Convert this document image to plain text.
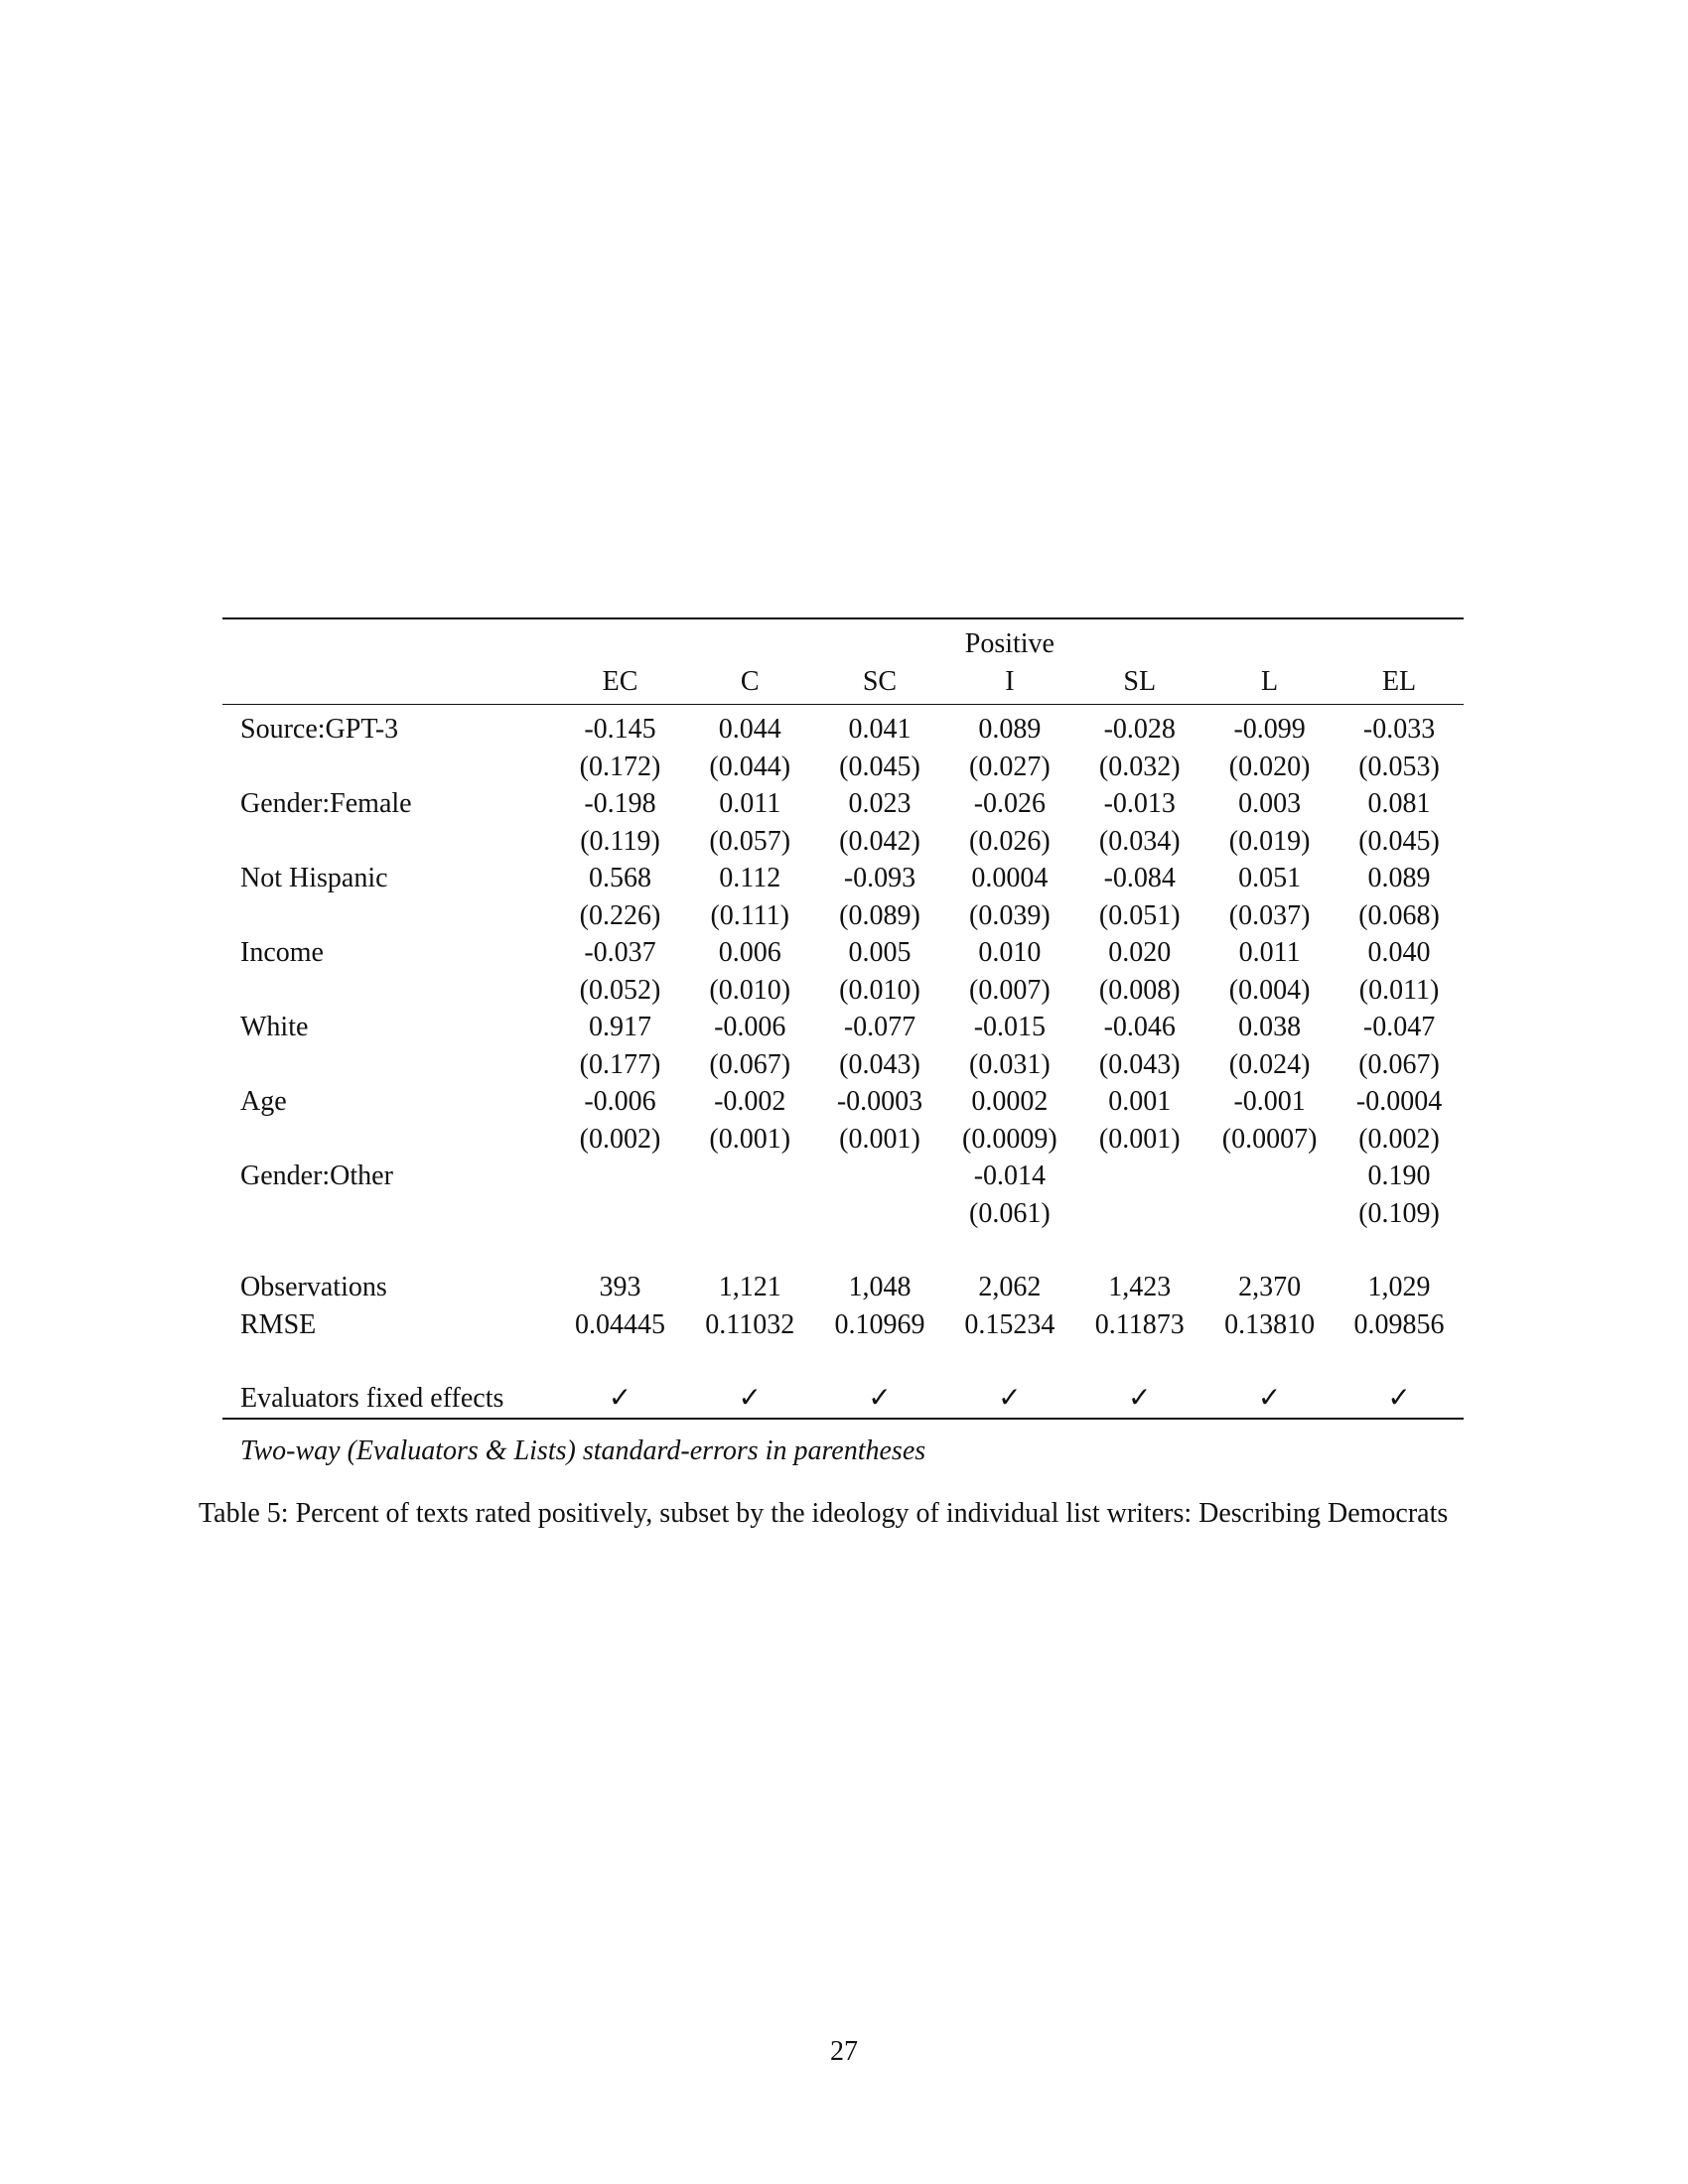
				Positive			
	EC	C	SC	I	SL	L	EL
Source:GPT-3	-0.145	0.044	0.041	0.089	-0.028	-0.099	-0.033
	(0.172)	(0.044)	(0.045)	(0.027)	(0.032)	(0.020)	(0.053)
Gender:Female	-0.198	0.011	0.023	-0.026	-0.013	0.003	0.081
	(0.119)	(0.057)	(0.042)	(0.026)	(0.034)	(0.019)	(0.045)
Not Hispanic	0.568	0.112	-0.093	0.0004	-0.084	0.051	0.089
	(0.226)	(0.111)	(0.089)	(0.039)	(0.051)	(0.037)	(0.068)
Income	-0.037	0.006	0.005	0.010	0.020	0.011	0.040
	(0.052)	(0.010)	(0.010)	(0.007)	(0.008)	(0.004)	(0.011)
White	0.917	-0.006	-0.077	-0.015	-0.046	0.038	-0.047
	(0.177)	(0.067)	(0.043)	(0.031)	(0.043)	(0.024)	(0.067)
Age	-0.006	-0.002	-0.0003	0.0002	0.001	-0.001	-0.0004
	(0.002)	(0.001)	(0.001)	(0.0009)	(0.001)	(0.0007)	(0.002)
Gender:Other				-0.014			0.190
				(0.061)			(0.109)

Observations	393	1,121	1,048	2,062	1,423	2,370	1,029
RMSE	0.04445	0.11032	0.10969	0.15234	0.11873	0.13810	0.09856

Evaluators fixed effects	✓	✓	✓	✓	✓	✓	✓
Two-way (Evaluators & Lists) standard-errors in parentheses
Table 5: Percent of texts rated positively, subset by the ideology of individual list writers: Describing Democrats
27
